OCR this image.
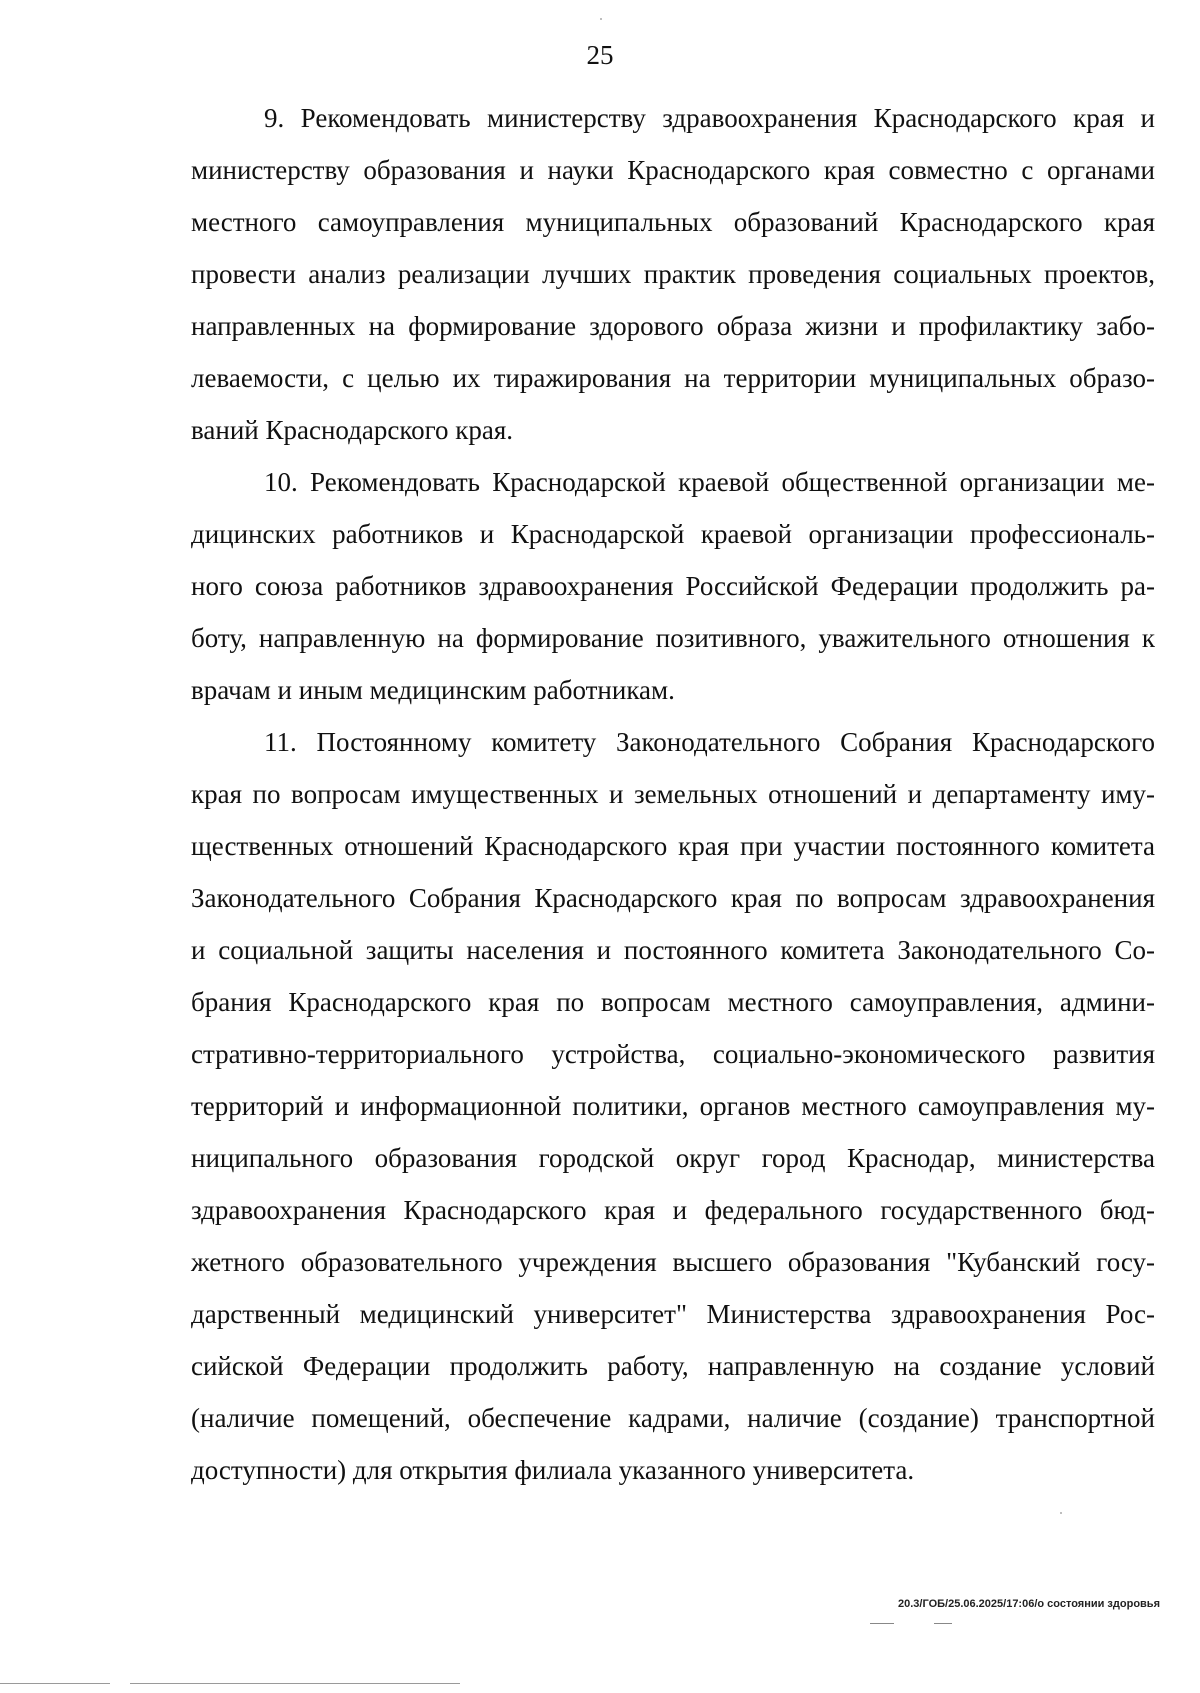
25

9. Рекомендовать министерству здравоохранения Краснодарского края и
министерству образования и науки Краснодарского края совместно с органами
местного самоуправления муниципальных образований Краснодарского края
провести анализ реализации лучших практик проведения социальных проектов,
направленных на формирование здорового образа жизни и профилактику забо-
леваемости, с целью их тиражирования на территории муниципальных образо-
ваний Краснодарского края.

10. Рекомендовать Краснодарской краевой общественной организации ме-
дицинских работников и Краснодарской краевой организации профессиональ-
ного союза работников здравоохранения Российской Федерации продолжить ра-
боту, направленную на формирование позитивного, уважительного отношения к
врачам и иным медицинским работникам.

11. Постоянному комитету Законодательного Собрания Краснодарского
края по вопросам имущественных и земельных отношений и департаменту иму-
щественных отношений Краснодарского края при участии постоянного комитета
Законодательного Собрания Краснодарского края по вопросам здравоохранения
и социальной защиты населения и постоянного комитета Законодательного Со-
брания Краснодарского края по вопросам местного самоуправления, админи-
стративно-территориального устройства, социально-экономического развития
территорий и информационной политики, органов местного самоуправления му-
ниципального образования городской округ город Краснодар, министерства
здравоохранения Краснодарского края и федерального государственного бюд-
жетного образовательного учреждения высшего образования "Кубанский госу-
дарственный медицинский университет" Министерства здравоохранения Рос-
сийской Федерации продолжить работу, направленную на создание условий
(наличие помещений, обеспечение кадрами, наличие (создание) транспортной
доступности) для открытия филиала указанного университета.

20.3/ГОБ/25.06.2025/17:06/о состоянии здоровья
